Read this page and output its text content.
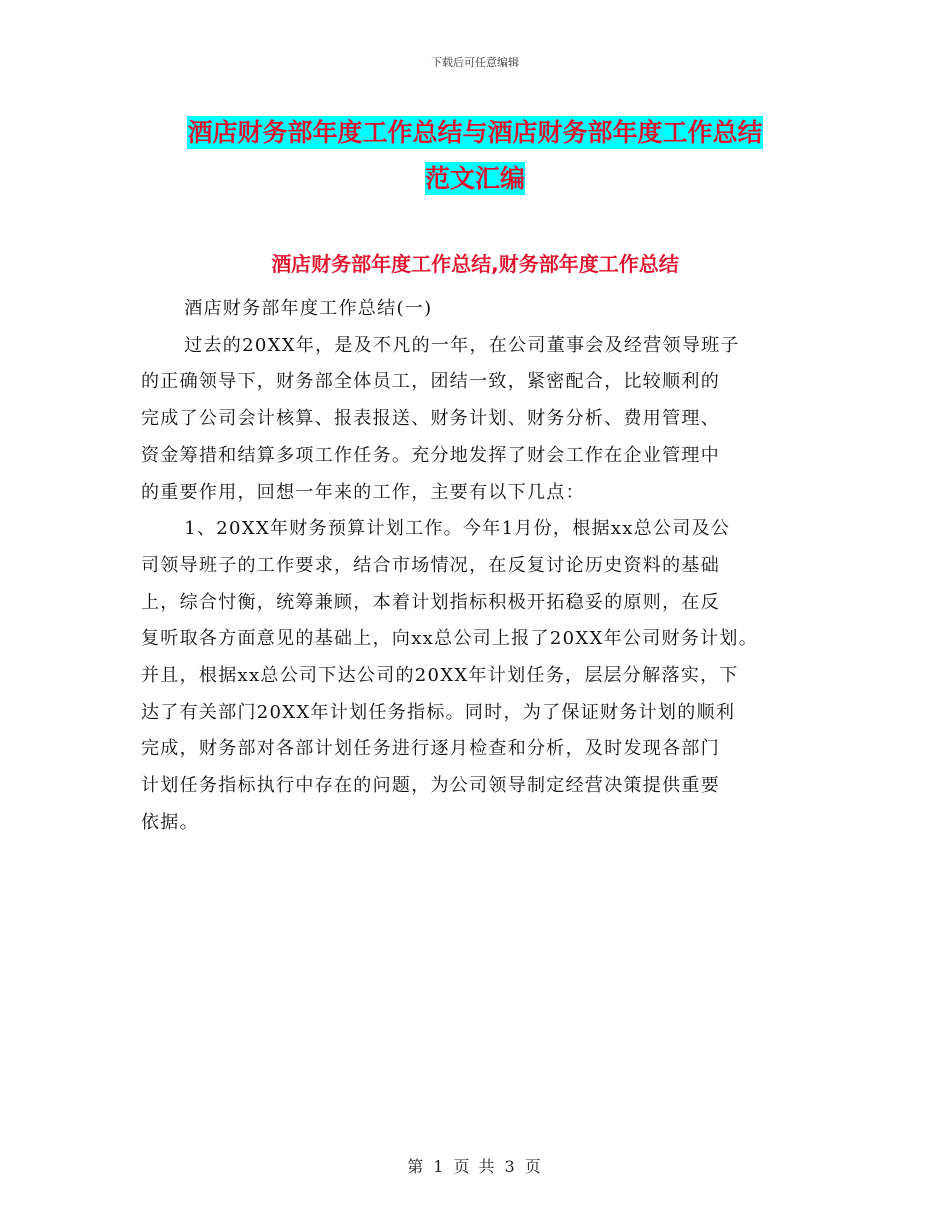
下载后可任意编辑
酒店财务部年度工作总结与酒店财务部年度工作总结
范文汇编
酒店财务部年度工作总结,财务部年度工作总结

酒店财务部年度工作总结(一)

过去的20XX年，是及不凡的一年，在公司董事会及经营领导班子
的正确领导下，财务部全体员工，团结一致，紧密配合，比较顺利的
完成了公司会计核算、报表报送、财务计划、财务分析、费用管理、
资金筹措和结算多项工作任务。充分地发挥了财会工作在企业管理中
的重要作用，回想一年来的工作，主要有以下几点：

1、20XX年财务预算计划工作。今年1月份，根据xx总公司及公
司领导班子的工作要求，结合市场情况，在反复讨论历史资料的基础
上，综合忖衡，统筹兼顾，本着计划指标积极开拓稳妥的原则，在反
复听取各方面意见的基础上，向xx总公司上报了20XX年公司财务计划。
并且，根据xx总公司下达公司的20XX年计划任务，层层分解落实，下
达了有关部门20XX年计划任务指标。同时，为了保证财务计划的顺利
完成，财务部对各部计划任务进行逐月检查和分析，及时发现各部门
计划任务指标执行中存在的问题，为公司领导制定经营决策提供重要
依据。

第 1 页 共 3 页
